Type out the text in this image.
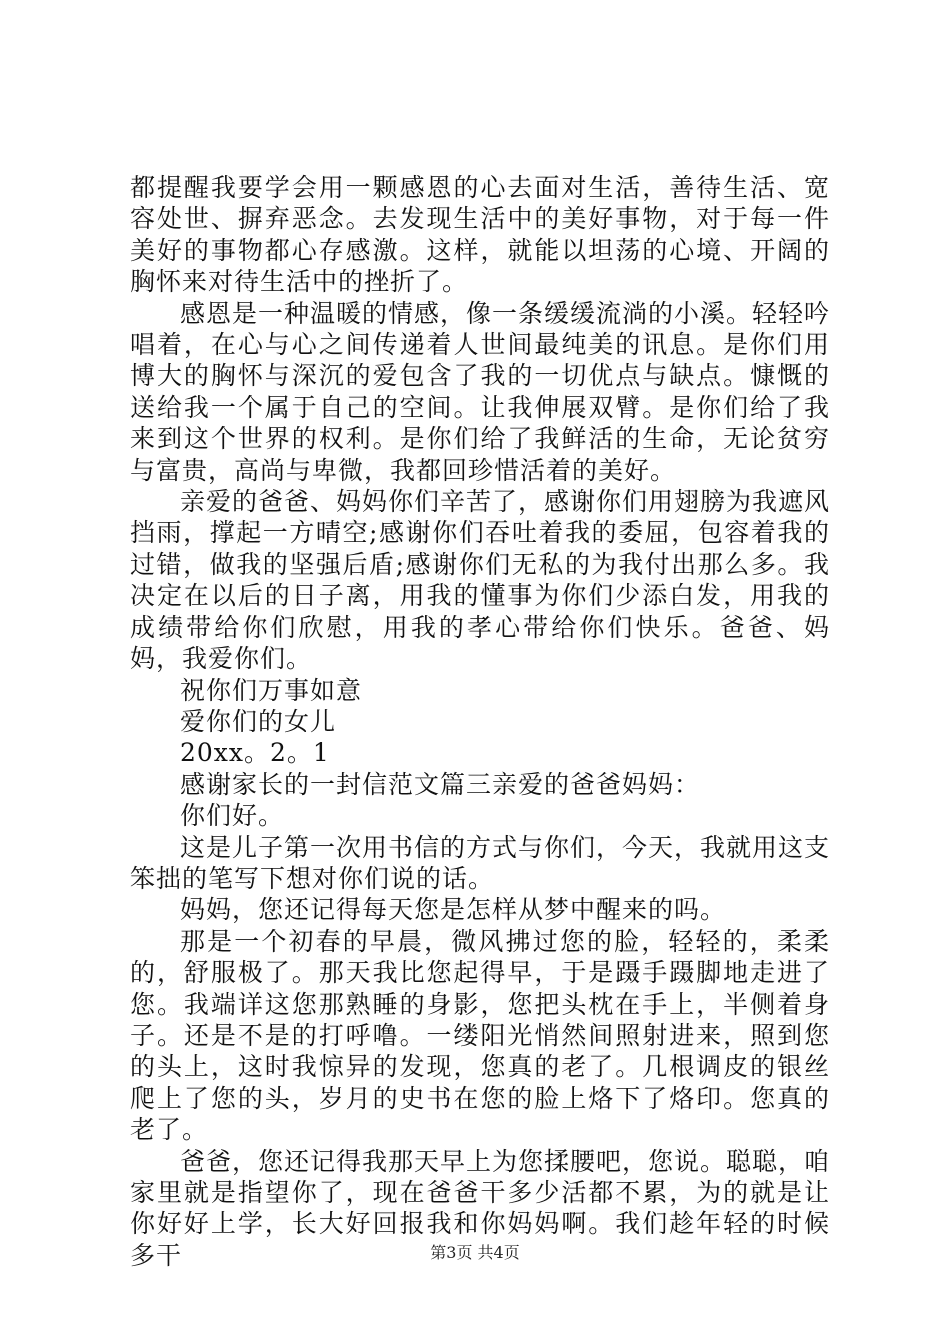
都提醒我要学会用一颗感恩的心去面对生活，善待生活、宽容处世、摒弃恶念。去发现生活中的美好事物，对于每一件美好的事物都心存感激。这样，就能以坦荡的心境、开阔的胸怀来对待生活中的挫折了。

感恩是一种温暖的情感，像一条缓缓流淌的小溪。轻轻吟唱着，在心与心之间传递着人世间最纯美的讯息。是你们用博大的胸怀与深沉的爱包含了我的一切优点与缺点。慷慨的送给我一个属于自己的空间。让我伸展双臂。是你们给了我来到这个世界的权利。是你们给了我鲜活的生命，无论贫穷与富贵，高尚与卑微，我都回珍惜活着的美好。

亲爱的爸爸、妈妈你们辛苦了，感谢你们用翅膀为我遮风挡雨，撑起一方晴空;感谢你们吞吐着我的委屈，包容着我的过错，做我的坚强后盾;感谢你们无私的为我付出那么多。我决定在以后的日子离，用我的懂事为你们少添白发，用我的成绩带给你们欣慰，用我的孝心带给你们快乐。爸爸、妈妈，我爱你们。

祝你们万事如意

爱你们的女儿

20xx。2。1

感谢家长的一封信范文篇三亲爱的爸爸妈妈：

你们好。

这是儿子第一次用书信的方式与你们，今天，我就用这支笨拙的笔写下想对你们说的话。

妈妈，您还记得每天您是怎样从梦中醒来的吗。

那是一个初春的早晨，微风拂过您的脸，轻轻的，柔柔的，舒服极了。那天我比您起得早，于是蹑手蹑脚地走进了您。我端详这您那熟睡的身影，您把头枕在手上，半侧着身子。还是不是的打呼噜。一缕阳光悄然间照射进来，照到您的头上，这时我惊异的发现，您真的老了。几根调皮的银丝爬上了您的头，岁月的史书在您的脸上烙下了烙印。您真的老了。

爸爸，您还记得我那天早上为您揉腰吧，您说。聪聪，咱家里就是指望你了，现在爸爸干多少活都不累，为的就是让你好好上学，长大好回报我和你妈妈啊。我们趁年轻的时候多干	第3页 共4页
